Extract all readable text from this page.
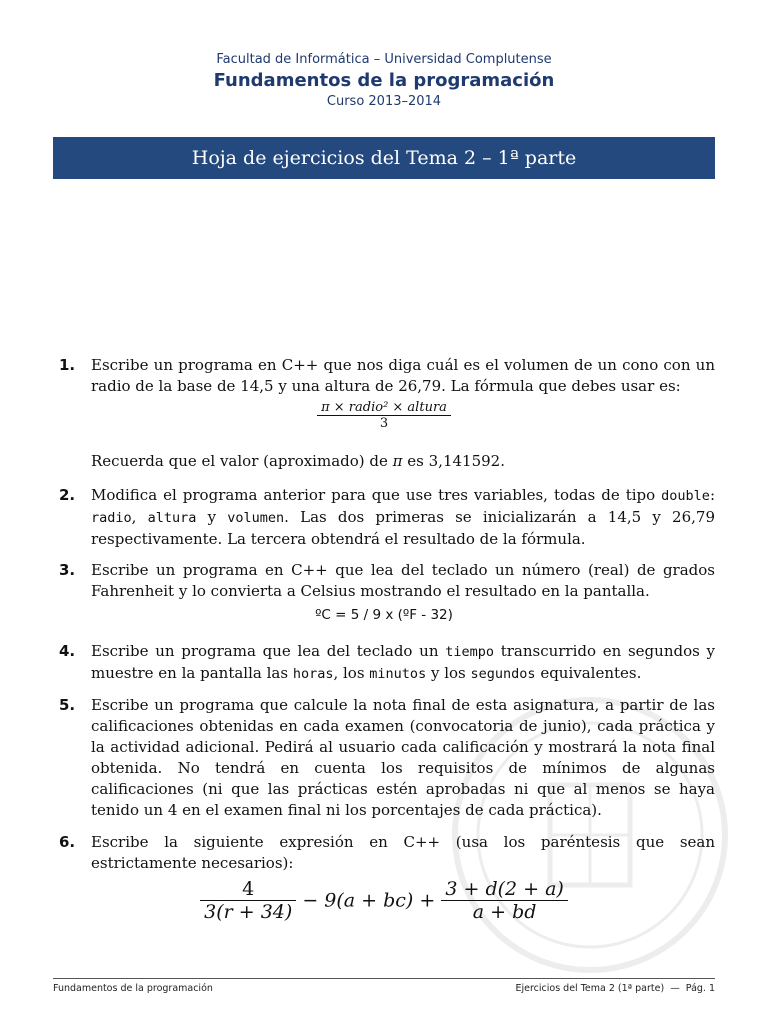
Facultad de Informática – Universidad Complutense
Fundamentos de la programación
Curso 2013–2014
Hoja de ejercicios del Tema 2 – 1ª parte
1. Escribe un programa en C++ que nos diga cuál es el volumen de un cono con un radio de la base de 14,5 y una altura de 26,79. La fórmula que debes usar es:
$\frac{\text{π × radio² × altura}}{3}$
Recuerda que el valor (aproximado) de π es 3,141592.
2. Modifica el programa anterior para que use tres variables, todas de tipo double: radio, altura y volumen. Las dos primeras se inicializarán a 14,5 y 26,79 respectivamente. La tercera obtendrá el resultado de la fórmula.
3. Escribe un programa en C++ que lea del teclado un número (real) de grados Fahrenheit y lo convierta a Celsius mostrando el resultado en la pantalla.
ºC = 5 / 9 x (ºF - 32)
4. Escribe un programa que lea del teclado un tiempo transcurrido en segundos y muestre en la pantalla las horas, los minutos y los segundos equivalentes.
5. Escribe un programa que calcule la nota final de esta asignatura, a partir de las calificaciones obtenidas en cada examen (convocatoria de junio), cada práctica y la actividad adicional. Pedirá al usuario cada calificación y mostrará la nota final obtenida. No tendrá en cuenta los requisitos de mínimos de algunas calificaciones (ni que las prácticas estén aprobadas ni que al menos se haya tenido un 4 en el examen final ni los porcentajes de cada práctica).
6. Escribe la siguiente expresión en C++ (usa los paréntesis que sean estrictamente necesarios):
$\frac{4}{3(r + 34)} - 9(a + bc) + \frac{3 + d(2 + a)}{a + bd}$
Fundamentos de la programación	Ejercicios del Tema 2 (1ª parte)  —  Pág. 1
